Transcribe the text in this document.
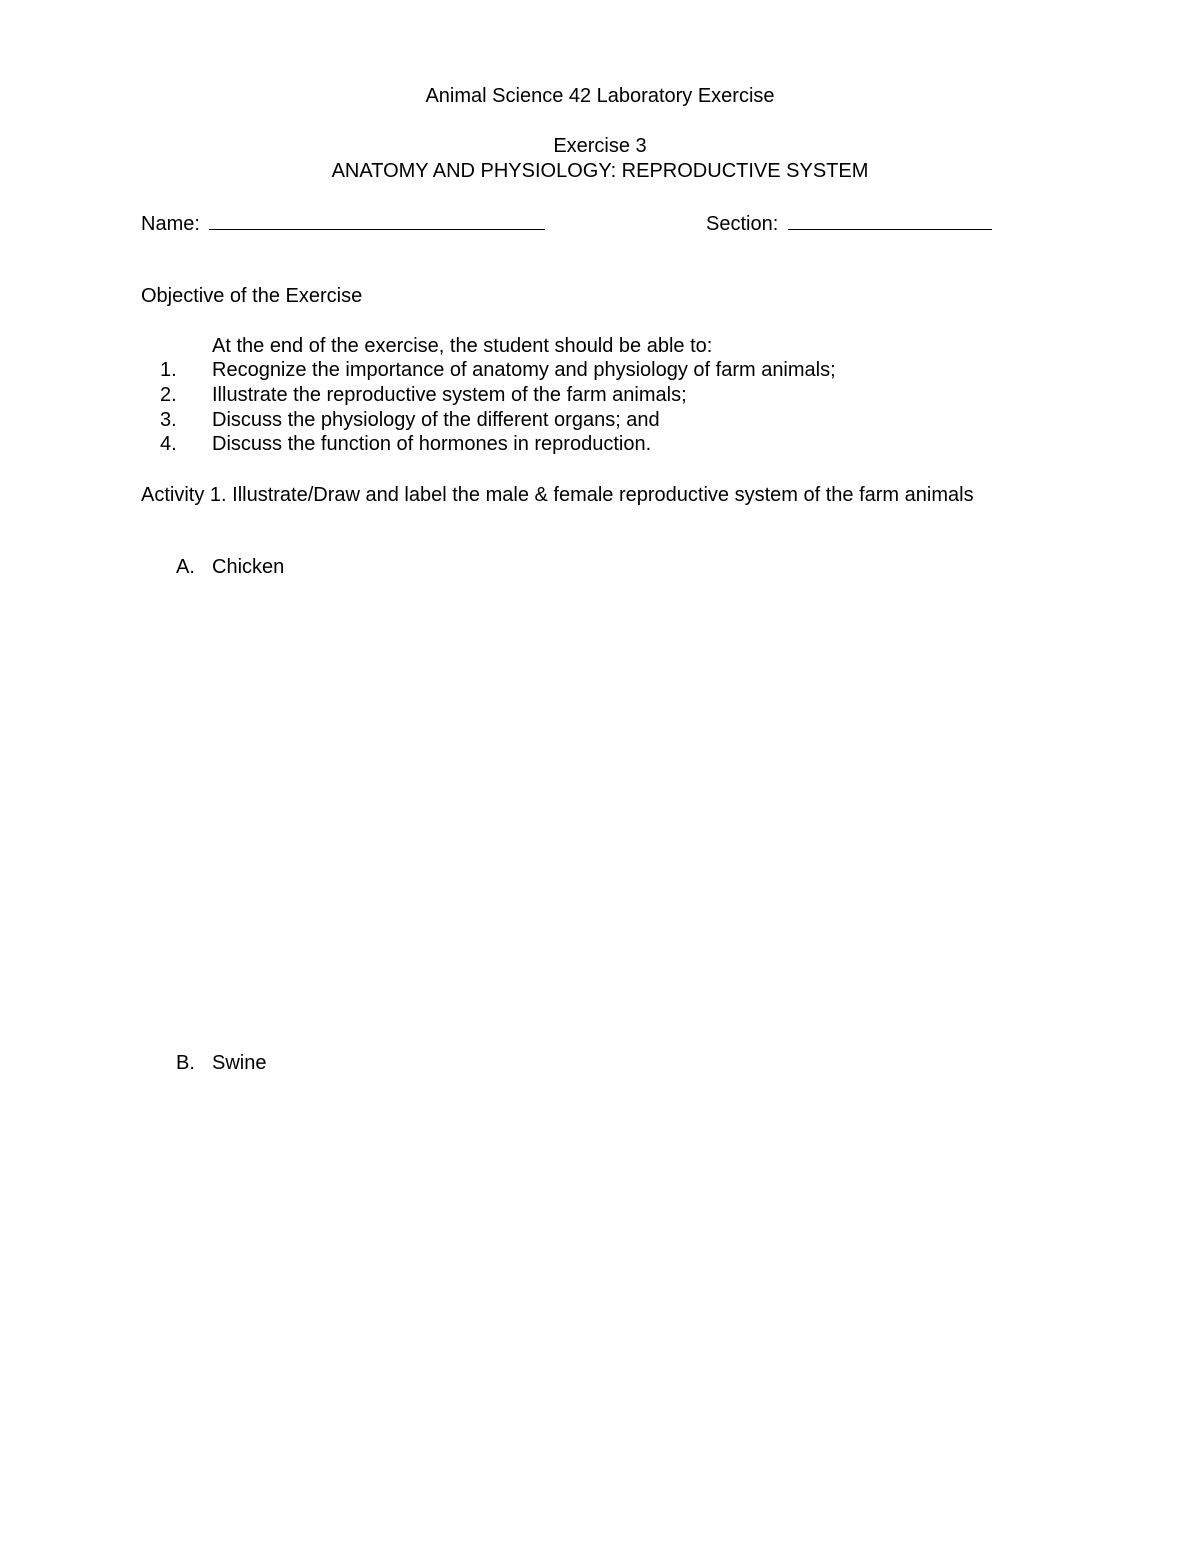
Animal Science 42 Laboratory Exercise
Exercise 3
ANATOMY AND PHYSIOLOGY: REPRODUCTIVE SYSTEM
Name:	Section:
Objective of the Exercise
At the end of the exercise, the student should be able to:
1.	Recognize the importance of anatomy and physiology of farm animals;
2.	Illustrate the reproductive system of the farm animals;
3.	Discuss the physiology of the different organs; and
4.	Discuss the function of hormones in reproduction.
Activity 1. Illustrate/Draw and label the male & female reproductive system of the farm animals
A. Chicken
B. Swine
